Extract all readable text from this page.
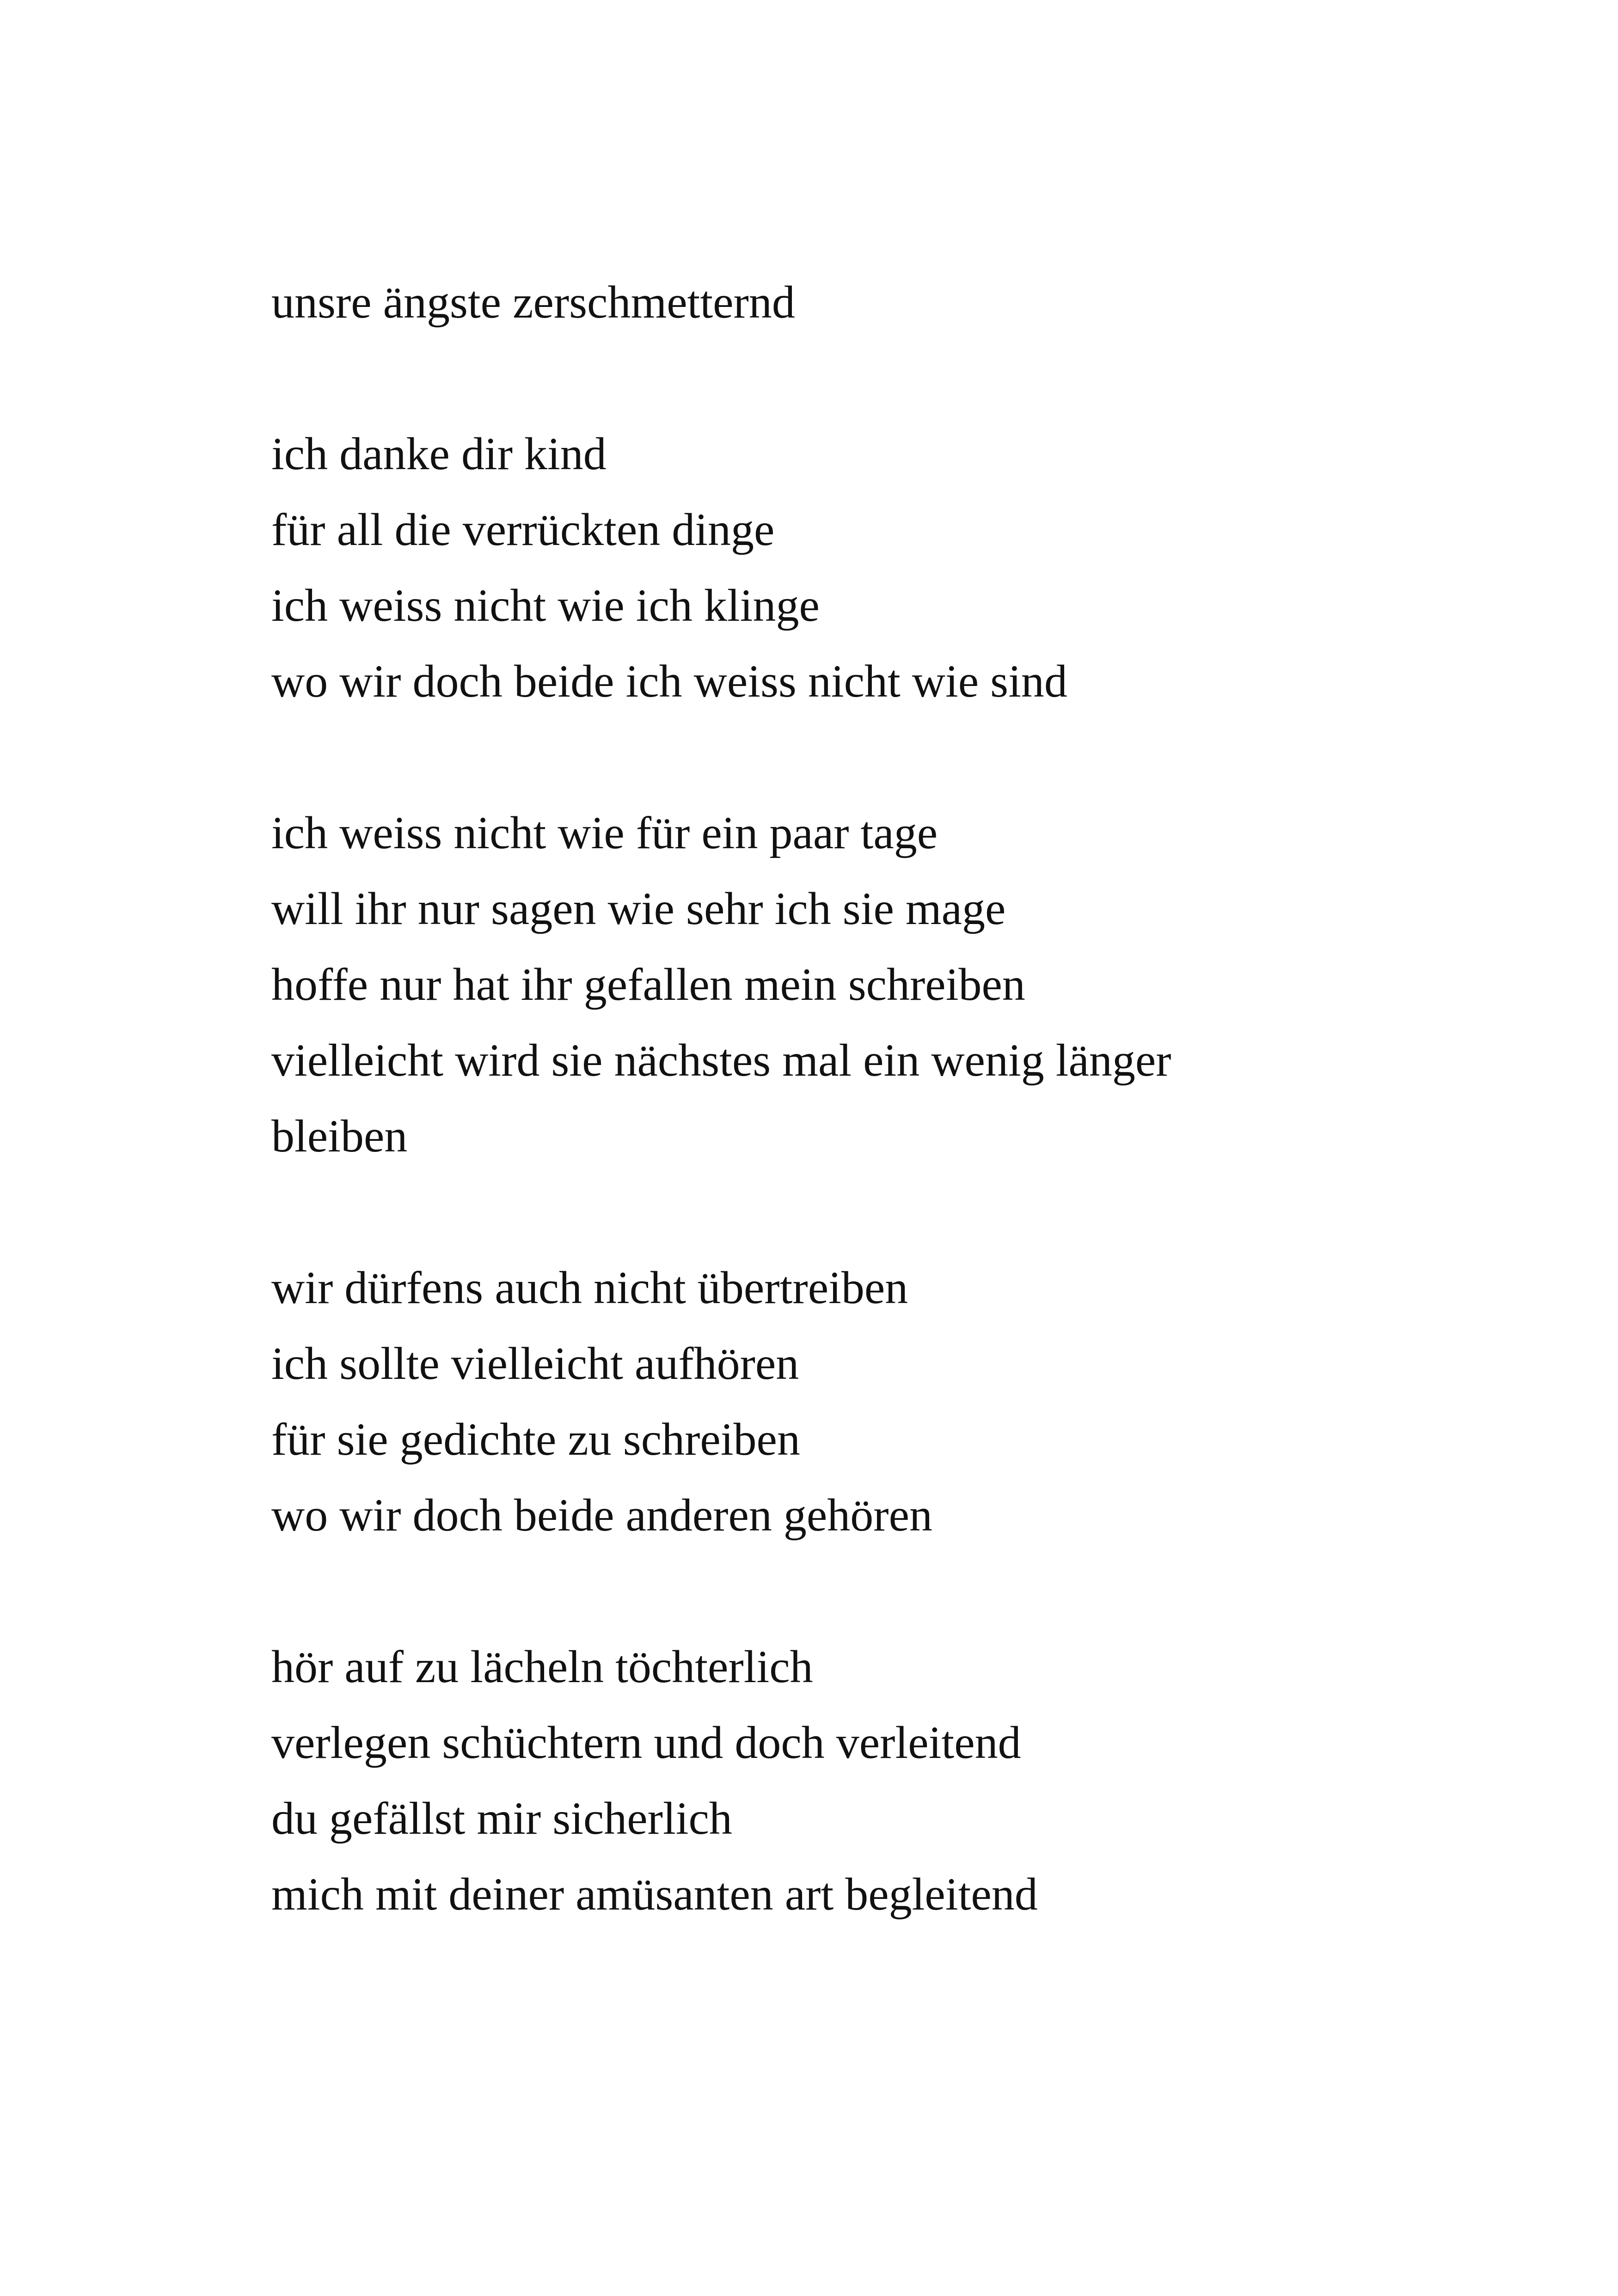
unsre ängste zerschmetternd
ich danke dir kind
für all die verrückten dinge
ich weiss nicht wie ich klinge
wo wir doch beide ich weiss nicht wie sind
ich weiss nicht wie für ein paar tage
will ihr nur sagen wie sehr ich sie mage
hoffe nur hat ihr gefallen mein schreiben
vielleicht wird sie nächstes mal ein wenig länger
bleiben
wir dürfens auch nicht übertreiben
ich sollte vielleicht aufhören
für sie gedichte zu schreiben
wo wir doch beide anderen gehören
hör auf zu lächeln töchterlich
verlegen schüchtern und doch verleitend
du gefällst mir sicherlich
mich mit deiner amüsanten art begleitend
